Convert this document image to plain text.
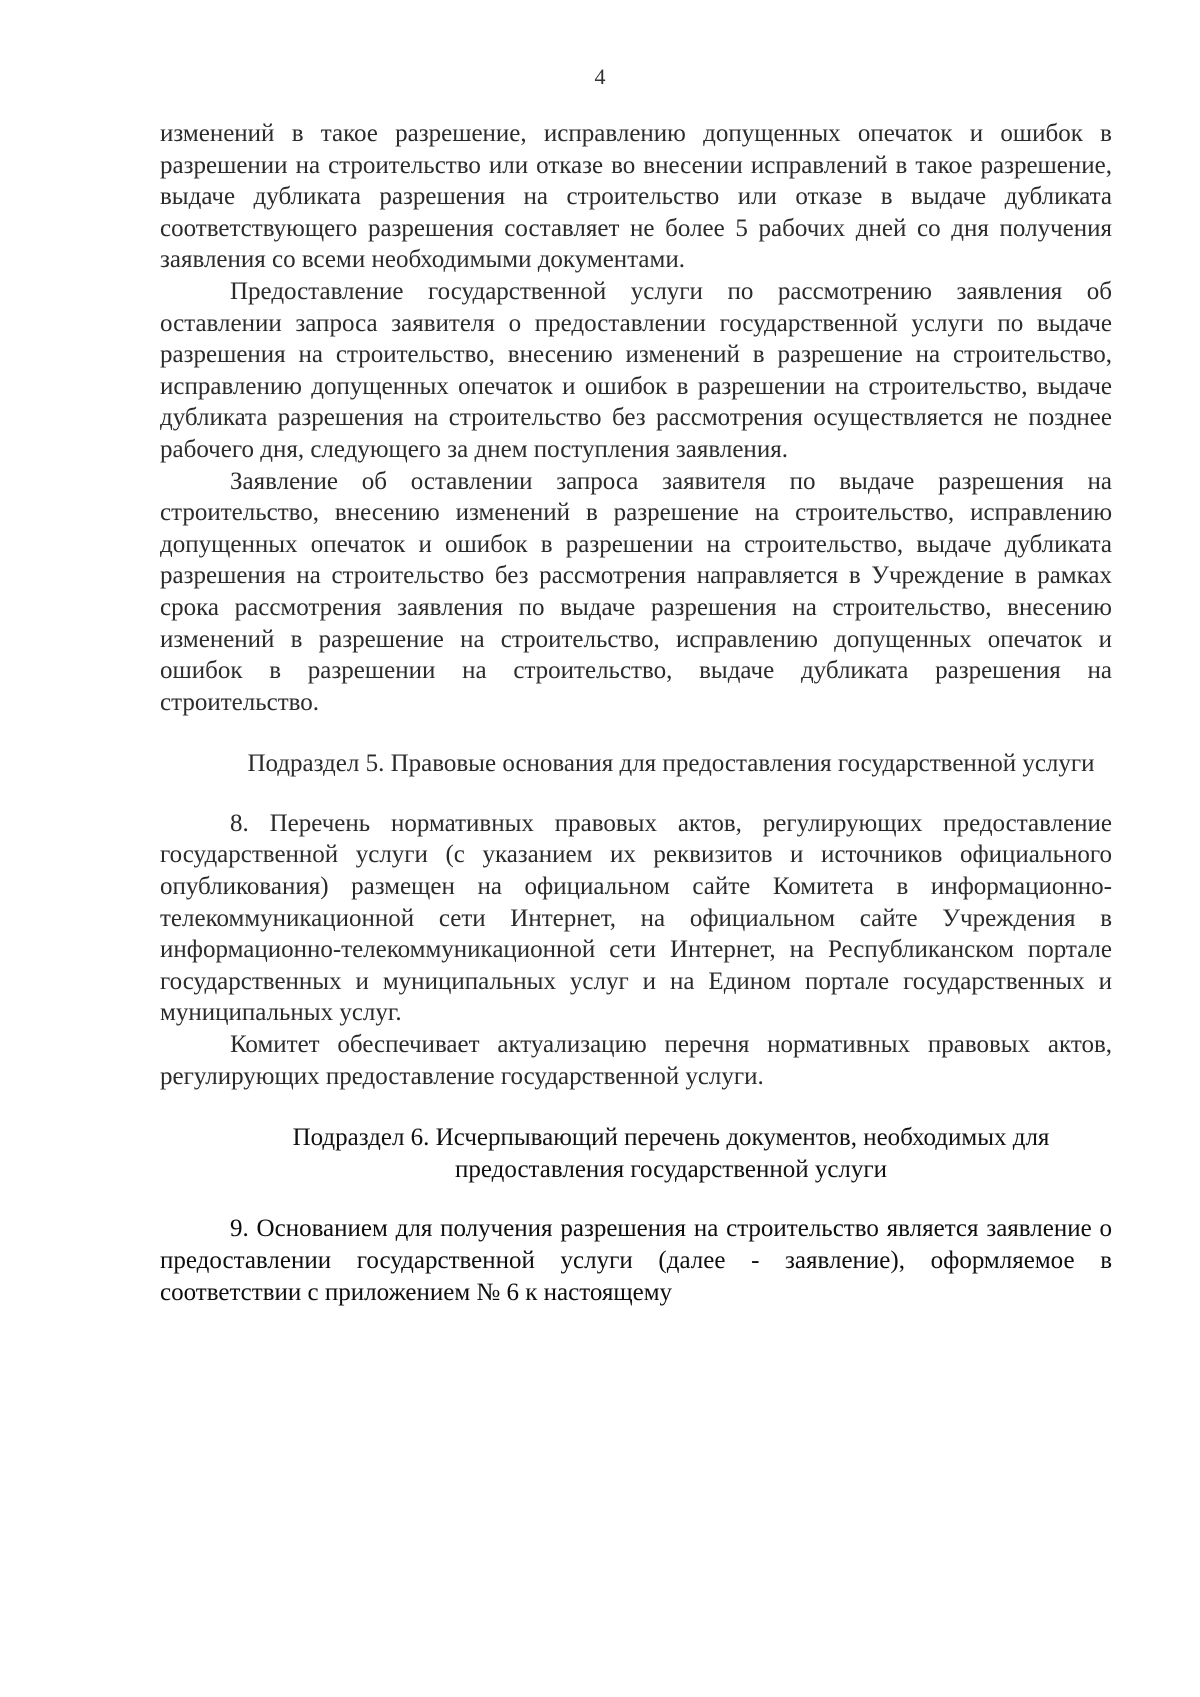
4

изменений в такое разрешение, исправлению допущенных опечаток и ошибок в разрешении на строительство или отказе во внесении исправлений в такое разрешение, выдаче дубликата разрешения на строительство или отказе в выдаче дубликата соответствующего разрешения составляет не более 5 рабочих дней со дня получения заявления со всеми необходимыми документами.

Предоставление государственной услуги по рассмотрению заявления об оставлении запроса заявителя о предоставлении государственной услуги по выдаче разрешения на строительство, внесению изменений в разрешение на строительство, исправлению допущенных опечаток и ошибок в разрешении на строительство, выдаче дубликата разрешения на строительство без рассмотрения осуществляется не позднее рабочего дня, следующего за днем поступления заявления.

Заявление об оставлении запроса заявителя по выдаче разрешения на строительство, внесению изменений в разрешение на строительство, исправлению допущенных опечаток и ошибок в разрешении на строительство, выдаче дубликата разрешения на строительство без рассмотрения направляется в Учреждение в рамках срока рассмотрения заявления по выдаче разрешения на строительство, внесению изменений в разрешение на строительство, исправлению допущенных опечаток и ошибок в разрешении на строительство, выдаче дубликата разрешения на строительство.

Подраздел 5. Правовые основания для предоставления государственной услуги

8. Перечень нормативных правовых актов, регулирующих предоставление государственной услуги (с указанием их реквизитов и источников официального опубликования) размещен на официальном сайте Комитета в информационно-телекоммуникационной сети Интернет, на официальном сайте Учреждения в информационно-телекоммуникационной сети Интернет, на Республиканском портале государственных и муниципальных услуг и на Едином портале государственных и муниципальных услуг.

Комитет обеспечивает актуализацию перечня нормативных правовых актов, регулирующих предоставление государственной услуги.

Подраздел 6. Исчерпывающий перечень документов, необходимых для предоставления государственной услуги

9. Основанием для получения разрешения на строительство является заявление о предоставлении государственной услуги (далее - заявление), оформляемое в соответствии с приложением № 6 к настоящему
